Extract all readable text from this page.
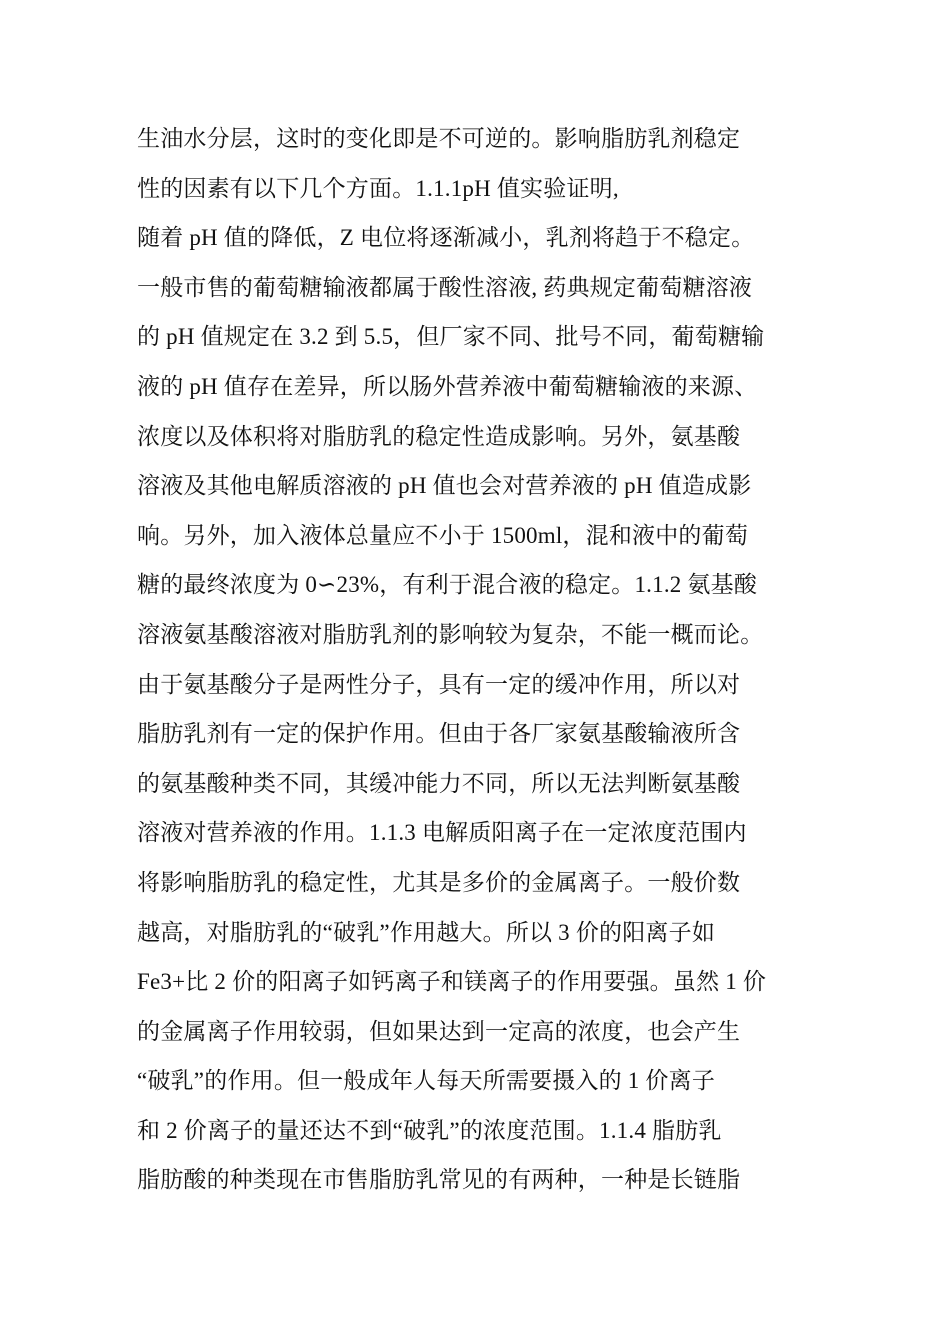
生油水分层，这时的变化即是不可逆的。影响脂肪乳剂稳定
性的因素有以下几个方面。1.1.1pH 值实验证明,
随着 pH 值的降低，Z 电位将逐渐减小，乳剂将趋于不稳定。
一般市售的葡萄糖输液都属于酸性溶液, 药典规定葡萄糖溶液
的 pH 值规定在 3.2 到 5.5，但厂家不同、批号不同，葡萄糖输
液的 pH 值存在差异，所以肠外营养液中葡萄糖输液的来源、
浓度以及体积将对脂肪乳的稳定性造成影响。另外，氨基酸
溶液及其他电解质溶液的 pH 值也会对营养液的 pH 值造成影
响。另外，加入液体总量应不小于 1500ml，混和液中的葡萄
糖的最终浓度为 0∽23%，有利于混合液的稳定。1.1.2 氨基酸
溶液氨基酸溶液对脂肪乳剂的影响较为复杂，不能一概而论。
由于氨基酸分子是两性分子，具有一定的缓冲作用，所以对
脂肪乳剂有一定的保护作用。但由于各厂家氨基酸输液所含
的氨基酸种类不同，其缓冲能力不同，所以无法判断氨基酸
溶液对营养液的作用。1.1.3 电解质阳离子在一定浓度范围内
将影响脂肪乳的稳定性，尤其是多价的金属离子。一般价数
越高，对脂肪乳的“破乳”作用越大。所以 3 价的阳离子如
Fe3+比 2 价的阳离子如钙离子和镁离子的作用要强。虽然 1 价
的金属离子作用较弱，但如果达到一定高的浓度，也会产生
“破乳”的作用。但一般成年人每天所需要摄入的 1 价离子
和 2 价离子的量还达不到“破乳”的浓度范围。1.1.4 脂肪乳
脂肪酸的种类现在市售脂肪乳常见的有两种，一种是长链脂
